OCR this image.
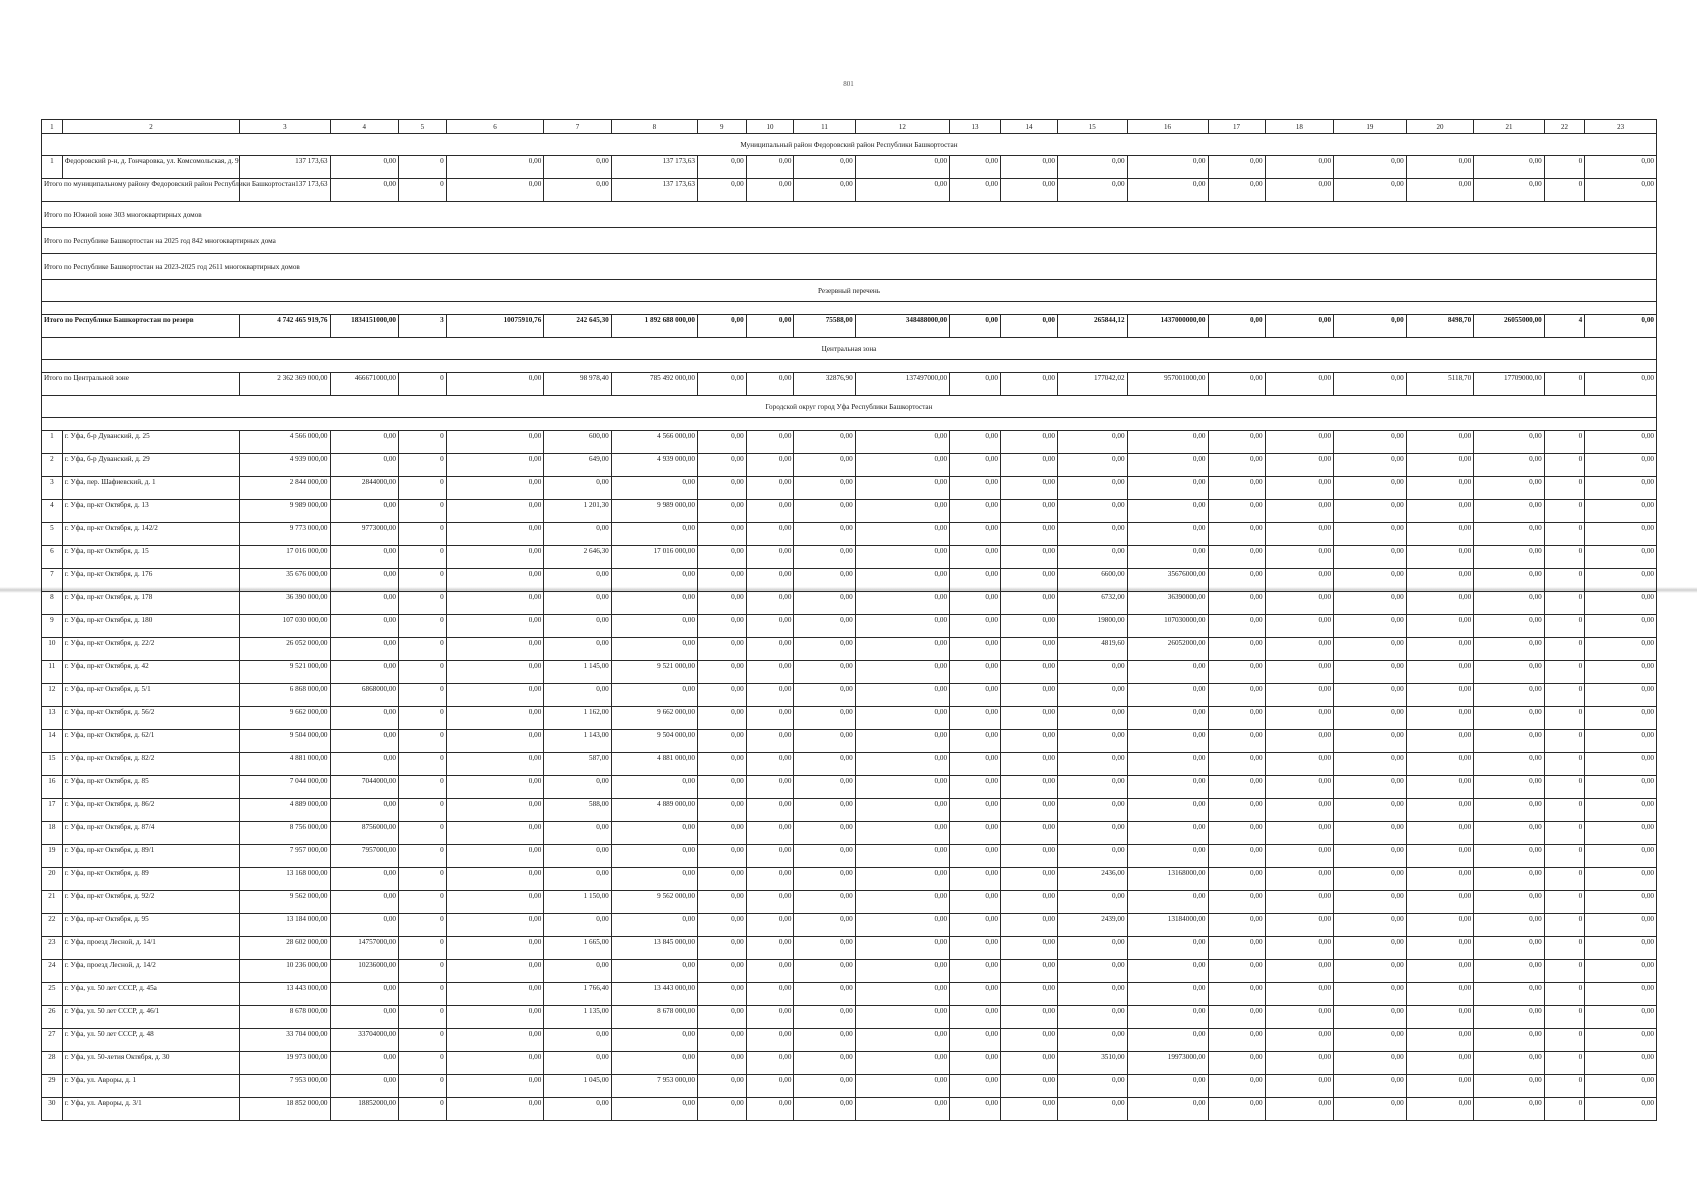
801
1	2	3	4	5	6	7	8	9	10	11	12	13	14	15	16	17	18	19	20	21	22	23
Муниципальный район Федоровский район Республики Башкортостан																						
1	Федоровский р-н, д. Гончаровка, ул. Комсомольская, д. 9	137 173,63	0,00	0	0,00	0,00	137 173,63	0,00	0,00	0,00	0,00	0,00	0,00	0,00	0,00	0,00	0,00	0,00	0,00	0,00	0	0,00
Итого по муниципальному району Федоровский район Республики Башкортостан		137 173,63	0,00	0	0,00	0,00	137 173,63	0,00	0,00	0,00	0,00	0,00	0,00	0,00	0,00	0,00	0,00	0,00	0,00	0,00	0	0,00
Итого по Южной зоне 303 многоквартирных домов																						
Итого по Республике Башкортостан на 2025 год 842 многоквартирных дома																						
Итого по Республике Башкортостан на 2023-2025 год 2611 многоквартирных домов																						
Резервный перечень																						

Итого по Республике Башкортостан по резерв		4 742 465 919,76	1834151000,00	3	10075910,76	242 645,30	1 892 688 000,00	0,00	0,00	75588,00	348488000,00	0,00	0,00	265844,12	1437000000,00	0,00	0,00	0,00	8498,70	26055000,00	4	0,00
Центральная зона																						

Итого по Центральной зоне		2 362 369 000,00	466671000,00	0	0,00	98 978,40	785 492 000,00	0,00	0,00	32876,90	137497000,00	0,00	0,00	177042,02	957001000,00	0,00	0,00	0,00	5118,70	17709000,00	0	0,00
Городской округ город Уфа Республики Башкортостан																						

1	г. Уфа, б-р Дуванский, д. 25	4 566 000,00	0,00	0	0,00	600,00	4 566 000,00	0,00	0,00	0,00	0,00	0,00	0,00	0,00	0,00	0,00	0,00	0,00	0,00	0,00	0	0,00
2	г. Уфа, б-р Дуванский, д. 29	4 939 000,00	0,00	0	0,00	649,00	4 939 000,00	0,00	0,00	0,00	0,00	0,00	0,00	0,00	0,00	0,00	0,00	0,00	0,00	0,00	0	0,00
3	г. Уфа, пер. Шафиевский, д. 1	2 844 000,00	2844000,00	0	0,00	0,00	0,00	0,00	0,00	0,00	0,00	0,00	0,00	0,00	0,00	0,00	0,00	0,00	0,00	0,00	0	0,00
4	г. Уфа, пр-кт Октября, д. 13	9 989 000,00	0,00	0	0,00	1 201,30	9 989 000,00	0,00	0,00	0,00	0,00	0,00	0,00	0,00	0,00	0,00	0,00	0,00	0,00	0,00	0	0,00
5	г. Уфа, пр-кт Октября, д. 142/2	9 773 000,00	9773000,00	0	0,00	0,00	0,00	0,00	0,00	0,00	0,00	0,00	0,00	0,00	0,00	0,00	0,00	0,00	0,00	0,00	0	0,00
6	г. Уфа, пр-кт Октября, д. 15	17 016 000,00	0,00	0	0,00	2 646,30	17 016 000,00	0,00	0,00	0,00	0,00	0,00	0,00	0,00	0,00	0,00	0,00	0,00	0,00	0,00	0	0,00
7	г. Уфа, пр-кт Октября, д. 176	35 676 000,00	0,00	0	0,00	0,00	0,00	0,00	0,00	0,00	0,00	0,00	0,00	6600,00	35676000,00	0,00	0,00	0,00	0,00	0,00	0	0,00
8	г. Уфа, пр-кт Октября, д. 178	36 390 000,00	0,00	0	0,00	0,00	0,00	0,00	0,00	0,00	0,00	0,00	0,00	6732,00	36390000,00	0,00	0,00	0,00	0,00	0,00	0	0,00
9	г. Уфа, пр-кт Октября, д. 180	107 030 000,00	0,00	0	0,00	0,00	0,00	0,00	0,00	0,00	0,00	0,00	0,00	19800,00	107030000,00	0,00	0,00	0,00	0,00	0,00	0	0,00
10	г. Уфа, пр-кт Октября, д. 22/2	26 052 000,00	0,00	0	0,00	0,00	0,00	0,00	0,00	0,00	0,00	0,00	0,00	4819,60	26052000,00	0,00	0,00	0,00	0,00	0,00	0	0,00
11	г. Уфа, пр-кт Октября, д. 42	9 521 000,00	0,00	0	0,00	1 145,00	9 521 000,00	0,00	0,00	0,00	0,00	0,00	0,00	0,00	0,00	0,00	0,00	0,00	0,00	0,00	0	0,00
12	г. Уфа, пр-кт Октября, д. 5/1	6 868 000,00	6868000,00	0	0,00	0,00	0,00	0,00	0,00	0,00	0,00	0,00	0,00	0,00	0,00	0,00	0,00	0,00	0,00	0,00	0	0,00
13	г. Уфа, пр-кт Октября, д. 56/2	9 662 000,00	0,00	0	0,00	1 162,00	9 662 000,00	0,00	0,00	0,00	0,00	0,00	0,00	0,00	0,00	0,00	0,00	0,00	0,00	0,00	0	0,00
14	г. Уфа, пр-кт Октября, д. 62/1	9 504 000,00	0,00	0	0,00	1 143,00	9 504 000,00	0,00	0,00	0,00	0,00	0,00	0,00	0,00	0,00	0,00	0,00	0,00	0,00	0,00	0	0,00
15	г. Уфа, пр-кт Октября, д. 82/2	4 881 000,00	0,00	0	0,00	587,00	4 881 000,00	0,00	0,00	0,00	0,00	0,00	0,00	0,00	0,00	0,00	0,00	0,00	0,00	0,00	0	0,00
16	г. Уфа, пр-кт Октября, д. 85	7 044 000,00	7044000,00	0	0,00	0,00	0,00	0,00	0,00	0,00	0,00	0,00	0,00	0,00	0,00	0,00	0,00	0,00	0,00	0,00	0	0,00
17	г. Уфа, пр-кт Октября, д. 86/2	4 889 000,00	0,00	0	0,00	588,00	4 889 000,00	0,00	0,00	0,00	0,00	0,00	0,00	0,00	0,00	0,00	0,00	0,00	0,00	0,00	0	0,00
18	г. Уфа, пр-кт Октября, д. 87/4	8 756 000,00	8756000,00	0	0,00	0,00	0,00	0,00	0,00	0,00	0,00	0,00	0,00	0,00	0,00	0,00	0,00	0,00	0,00	0,00	0	0,00
19	г. Уфа, пр-кт Октября, д. 89/1	7 957 000,00	7957000,00	0	0,00	0,00	0,00	0,00	0,00	0,00	0,00	0,00	0,00	0,00	0,00	0,00	0,00	0,00	0,00	0,00	0	0,00
20	г. Уфа, пр-кт Октября, д. 89	13 168 000,00	0,00	0	0,00	0,00	0,00	0,00	0,00	0,00	0,00	0,00	0,00	2436,00	13168000,00	0,00	0,00	0,00	0,00	0,00	0	0,00
21	г. Уфа, пр-кт Октября, д. 92/2	9 562 000,00	0,00	0	0,00	1 150,00	9 562 000,00	0,00	0,00	0,00	0,00	0,00	0,00	0,00	0,00	0,00	0,00	0,00	0,00	0,00	0	0,00
22	г. Уфа, пр-кт Октября, д. 95	13 184 000,00	0,00	0	0,00	0,00	0,00	0,00	0,00	0,00	0,00	0,00	0,00	2439,00	13184000,00	0,00	0,00	0,00	0,00	0,00	0	0,00
23	г. Уфа, проезд Лесной, д. 14/1	28 602 000,00	14757000,00	0	0,00	1 665,00	13 845 000,00	0,00	0,00	0,00	0,00	0,00	0,00	0,00	0,00	0,00	0,00	0,00	0,00	0,00	0	0,00
24	г. Уфа, проезд Лесной, д. 14/2	10 236 000,00	10236000,00	0	0,00	0,00	0,00	0,00	0,00	0,00	0,00	0,00	0,00	0,00	0,00	0,00	0,00	0,00	0,00	0,00	0	0,00
25	г. Уфа, ул. 50 лет СССР, д. 45а	13 443 000,00	0,00	0	0,00	1 766,40	13 443 000,00	0,00	0,00	0,00	0,00	0,00	0,00	0,00	0,00	0,00	0,00	0,00	0,00	0,00	0	0,00
26	г. Уфа, ул. 50 лет СССР, д. 46/1	8 678 000,00	0,00	0	0,00	1 135,00	8 678 000,00	0,00	0,00	0,00	0,00	0,00	0,00	0,00	0,00	0,00	0,00	0,00	0,00	0,00	0	0,00
27	г. Уфа, ул. 50 лет СССР, д. 48	33 704 000,00	33704000,00	0	0,00	0,00	0,00	0,00	0,00	0,00	0,00	0,00	0,00	0,00	0,00	0,00	0,00	0,00	0,00	0,00	0	0,00
28	г. Уфа, ул. 50-летия Октября, д. 30	19 973 000,00	0,00	0	0,00	0,00	0,00	0,00	0,00	0,00	0,00	0,00	0,00	3510,00	19973000,00	0,00	0,00	0,00	0,00	0,00	0	0,00
29	г. Уфа, ул. Авроры, д. 1	7 953 000,00	0,00	0	0,00	1 045,00	7 953 000,00	0,00	0,00	0,00	0,00	0,00	0,00	0,00	0,00	0,00	0,00	0,00	0,00	0,00	0	0,00
30	г. Уфа, ул. Авроры, д. 3/1	18 852 000,00	18852000,00	0	0,00	0,00	0,00	0,00	0,00	0,00	0,00	0,00	0,00	0,00	0,00	0,00	0,00	0,00	0,00	0,00	0	0,00
